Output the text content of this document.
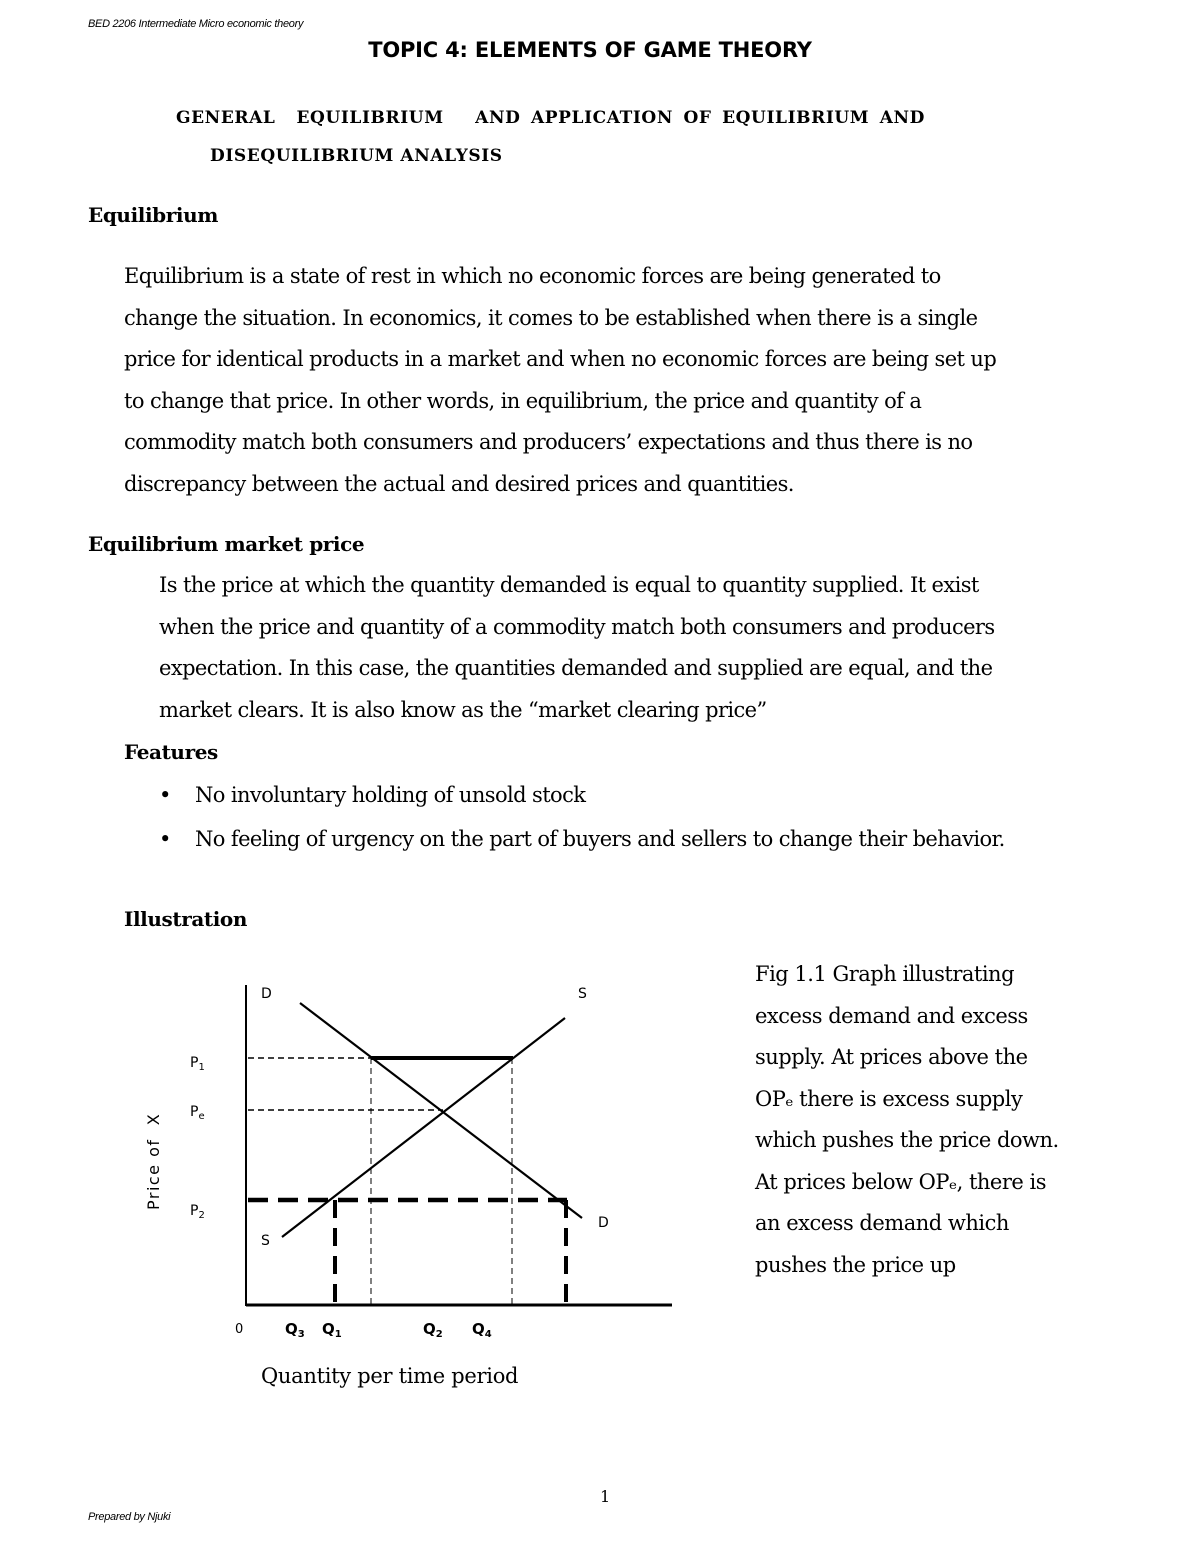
BED 2206 Intermediate Micro economic theory
TOPIC 4: ELEMENTS OF GAME THEORY
GENERAL  EQUILIBRIUM   AND APPLICATION OF EQUILIBRIUM AND
DISEQUILIBRIUM ANALYSIS
Equilibrium
Equilibrium is a state of rest in which no economic forces are being generated to
change the situation. In economics, it comes to be established when there is a single
price for identical products in a market and when no economic forces are being set up
to change that price. In other words, in equilibrium, the price and quantity of a
commodity match both consumers and producers’ expectations and thus there is no
discrepancy between the actual and desired prices and quantities.
Equilibrium market price
Is the price at which the quantity demanded is equal to quantity supplied. It exist
when the price and quantity of a commodity match both consumers and producers
expectation. In this case, the quantities demanded and supplied are equal, and the
market clears. It is also know as the “market clearing price”
Features
• No involuntary holding of unsold stock
• No feeling of urgency on the part of buyers and sellers to change their behavior.
Illustration
D
D
S
S
$P_1$
$P_e$
$P_2$
Price of  X
0	$Q_3$ $Q_1$	$Q_2$ $Q_4$
Quantity per time period
Fig 1.1 Graph illustrating
excess demand and excess
supply. At prices above the
OPₑ there is excess supply
which pushes the price down.
At prices below OPₑ, there is
an excess demand which
pushes the price up
1
Prepared by Njuki
